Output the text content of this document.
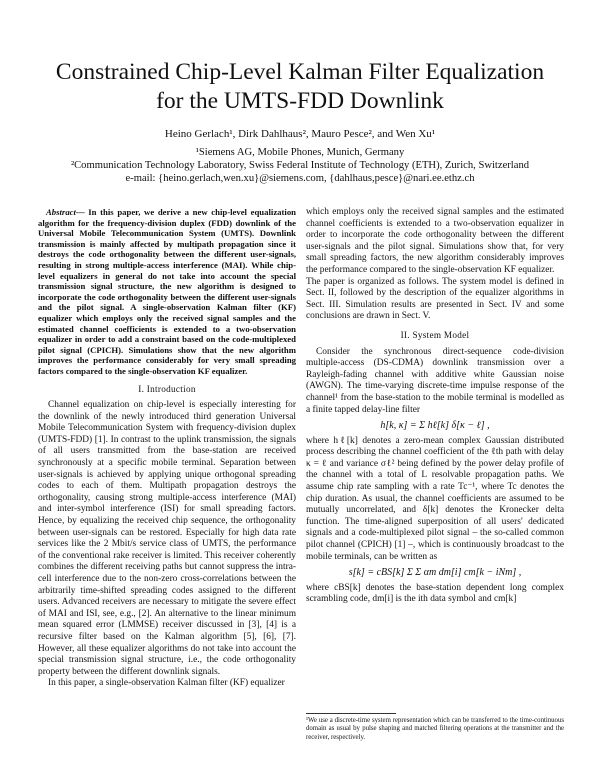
Constrained Chip-Level Kalman Filter Equalization for the UMTS-FDD Downlink
Heino Gerlach¹, Dirk Dahlhaus², Mauro Pesce², and Wen Xu¹
¹Siemens AG, Mobile Phones, Munich, Germany
²Communication Technology Laboratory, Swiss Federal Institute of Technology (ETH), Zurich, Switzerland
e-mail: {heino.gerlach,wen.xu}@siemens.com, {dahlhaus,pesce}@nari.ee.ethz.ch

Abstract— In this paper, we derive a new chip-level equalization algorithm for the frequency-division duplex (FDD) downlink of the Universal Mobile Telecommunication System (UMTS). Downlink transmission is mainly affected by multipath propagation since it destroys the code orthogonality between the different user-signals, resulting in strong multiple-access interference (MAI). While chip-level equalizers in general do not take into account the special transmission signal structure, the new algorithm is designed to incorporate the code orthogonality between the different user-signals and the pilot signal. A single-observation Kalman filter (KF) equalizer which employs only the received signal samples and the estimated channel coefficients is extended to a two-observation equalizer in order to add a constraint based on the code-multiplexed pilot signal (CPICH). Simulations show that the new algorithm improves the performance considerably for very small spreading factors compared to the single-observation KF equalizer.

I. Introduction

Channel equalization on chip-level is especially interesting for the downlink of the newly introduced third generation Universal Mobile Telecommunication System with frequency-division duplex (UMTS-FDD) [1]. In contrast to the uplink transmission, the signals of all users transmitted from the base-station are received synchronously at a specific mobile terminal. Separation between user-signals is achieved by applying unique orthogonal spreading codes to each of them. Multipath propagation destroys the orthogonality, causing strong multiple-access interference (MAI) and inter-symbol interference (ISI) for small spreading factors. Hence, by equalizing the received chip sequence, the orthogonality between user-signals can be restored. Especially for high data rate services like the 2 Mbit/s service class of UMTS, the performance of the conventional rake receiver is limited. This receiver coherently combines the different receiving paths but cannot suppress the intra-cell interference due to the non-zero cross-correlations between the arbitrarily time-shifted spreading codes assigned to the different users. Advanced receivers are necessary to mitigate the severe effect of MAI and ISI, see, e.g., [2]. An alternative to the linear minimum mean squared error (LMMSE) receiver discussed in [3], [4] is a recursive filter based on the Kalman algorithm [5], [6], [7]. However, all these equalizer algorithms do not take into account the special transmission signal structure, i.e., the code orthogonality property between the different downlink signals.

In this paper, a single-observation Kalman filter (KF) equalizer

which employs only the received signal samples and the estimated channel coefficients is extended to a two-observation equalizer in order to incorporate the code orthogonality between the different user-signals and the pilot signal. Simulations show that, for very small spreading factors, the new algorithm considerably improves the performance compared to the single-observation KF equalizer.

The paper is organized as follows. The system model is defined in Sect. II, followed by the description of the equalizer algorithms in Sect. III. Simulation results are presented in Sect. IV and some conclusions are drawn in Sect. V.

II. System Model

Consider the synchronous direct-sequence code-division multiple-access (DS-CDMA) downlink transmission over a Rayleigh-fading channel with additive white Gaussian noise (AWGN). The time-varying discrete-time impulse response of the channel¹ from the base-station to the mobile terminal is modelled as a finite tapped delay-line filter

h[k, κ] = Σ hℓ[k] δ[κ − ℓ] ,

where hℓ[k] denotes a zero-mean complex Gaussian distributed process describing the channel coefficient of the ℓth path with delay κ = ℓ and variance σℓ² being defined by the power delay profile of the channel with a total of L resolvable propagation paths. We assume chip rate sampling with a rate Tc⁻¹, where Tc denotes the chip duration. As usual, the channel coefficients are assumed to be mutually uncorrelated, and δ[k] denotes the Kronecker delta function. The time-aligned superposition of all users' dedicated signals and a code-multiplexed pilot signal – the so-called common pilot channel (CPICH) [1] –, which is continuously broadcast to the mobile terminals, can be written as

s[k] = cBS[k] Σ Σ αm dm[i] cm[k − iNm] ,

where cBS[k] denotes the base-station dependent long complex scrambling code, dm[i] is the ith data symbol and cm[k]

¹We use a discrete-time system representation which can be transferred to the time-continuous domain as usual by pulse shaping and matched filtering operations at the transmitter and the receiver, respectively.
